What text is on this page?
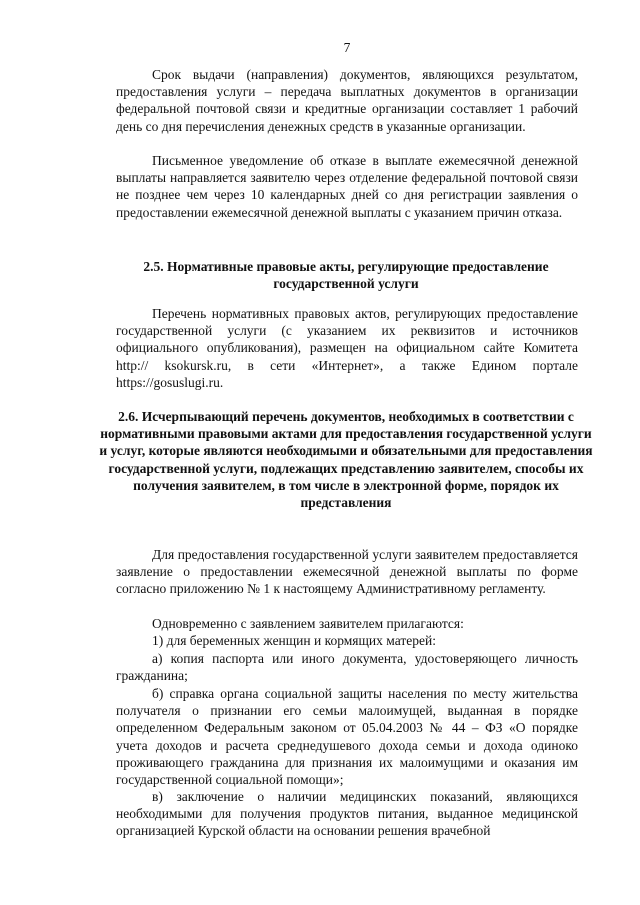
7
Срок выдачи (направления) документов, являющихся результатом, предоставления услуги – передача выплатных документов в организации федеральной почтовой связи и кредитные организации составляет 1 рабочий день со дня перечисления денежных средств в указанные организации.
Письменное уведомление об отказе в выплате ежемесячной денежной выплаты направляется заявителю через отделение федеральной почтовой связи не позднее чем через 10 календарных дней со дня регистрации заявления о предоставлении ежемесячной денежной выплаты с указанием причин отказа.
2.5. Нормативные правовые акты, регулирующие предоставление государственной услуги
Перечень нормативных правовых актов, регулирующих предоставление государственной услуги (с указанием их реквизитов и источников официального опубликования), размещен на официальном сайте Комитета http:// ksokursk.ru, в сети «Интернет», а также Едином портале https://gosuslugi.ru.
2.6. Исчерпывающий перечень документов, необходимых в соответствии с нормативными правовыми актами для предоставления государственной услуги и услуг, которые являются необходимыми и обязательными для предоставления государственной услуги, подлежащих представлению заявителем, способы их получения заявителем, в том числе в электронной форме, порядок их представления
Для предоставления государственной услуги заявителем предоставляется заявление о предоставлении ежемесячной денежной выплаты по форме согласно приложению № 1 к настоящему Административному регламенту.
Одновременно с заявлением заявителем прилагаются:
1) для беременных женщин и кормящих матерей:
а) копия паспорта или иного документа, удостоверяющего личность гражданина;
б) справка органа социальной защиты населения по месту жительства получателя о признании его семьи малоимущей, выданная в порядке определенном Федеральным законом от 05.04.2003 № 44 – ФЗ «О порядке учета доходов и расчета среднедушевого дохода семьи и дохода одиноко проживающего гражданина для признания их малоимущими и оказания им государственной социальной помощи»;
в) заключение о наличии медицинских показаний, являющихся необходимыми для получения продуктов питания, выданное медицинской организацией Курской области на основании решения врачебной
